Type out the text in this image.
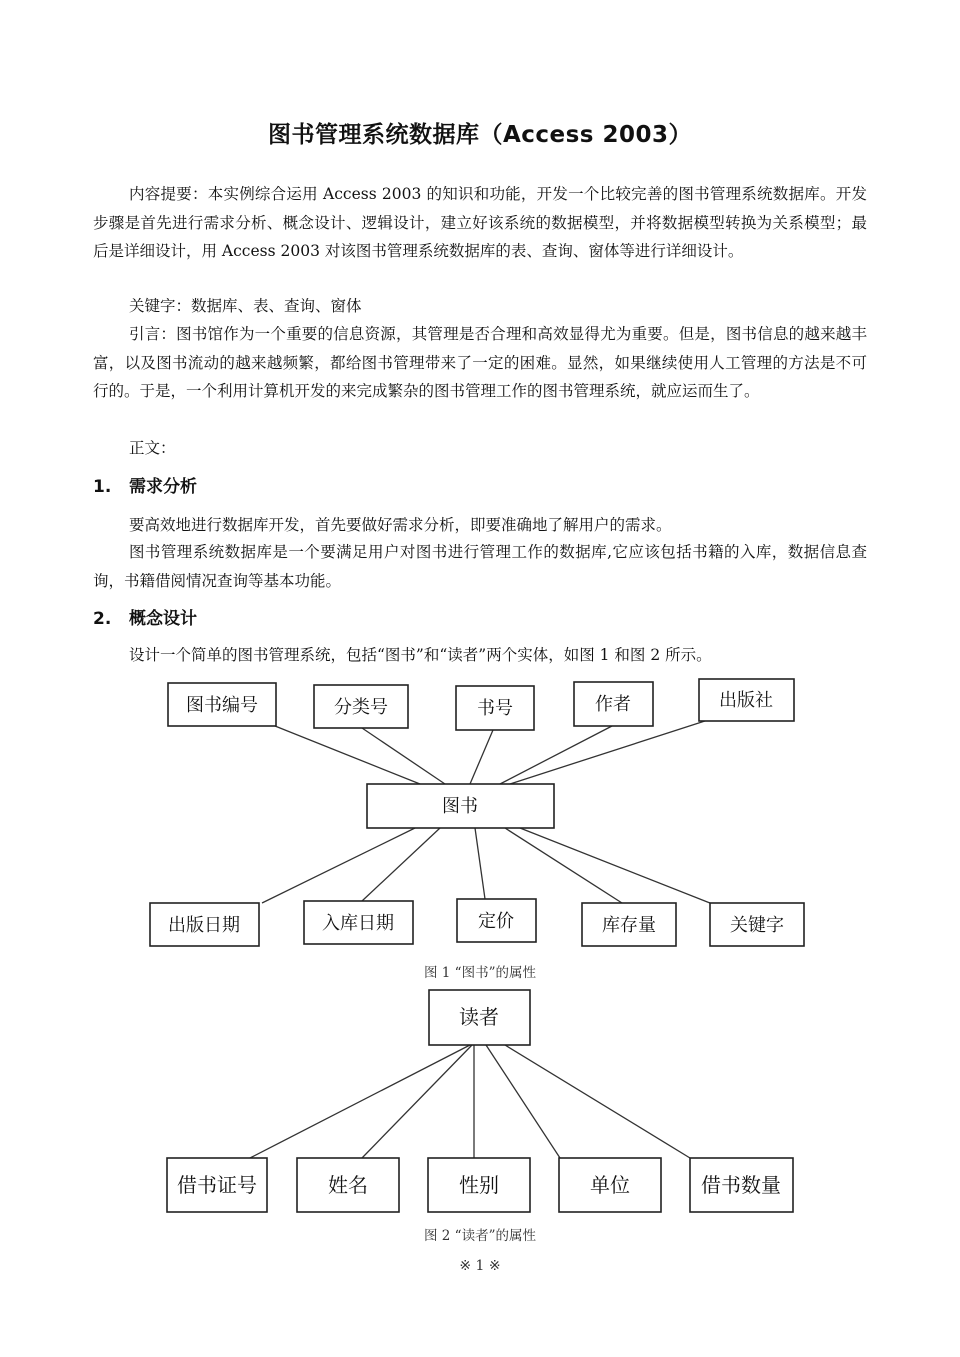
图书管理系统数据库（Access 2003）

内容提要：本实例综合运用 Access 2003 的知识和功能，开发一个比较完善的图书管理系统数据库。开发步骤是首先进行需求分析、概念设计、逻辑设计，建立好该系统的数据模型，并将数据模型转换为关系模型；最后是详细设计，用 Access 2003 对该图书管理系统数据库的表、查询、窗体等进行详细设计。

关键字：数据库、表、查询、窗体

引言：图书馆作为一个重要的信息资源，其管理是否合理和高效显得尤为重要。但是，图书信息的越来越丰富，以及图书流动的越来越频繁，都给图书管理带来了一定的困难。显然，如果继续使用人工管理的方法是不可行的。于是，一个利用计算机开发的来完成繁杂的图书管理工作的图书管理系统，就应运而生了。

正文：

1. 需求分析

要高效地进行数据库开发，首先要做好需求分析，即要准确地了解用户的需求。

图书管理系统数据库是一个要满足用户对图书进行管理工作的数据库,它应该包括书籍的入库，数据信息查询，书籍借阅情况查询等基本功能。

2. 概念设计

设计一个简单的图书管理系统，包括“图书”和“读者”两个实体，如图 1 和图 2 所示。

图书
图书编号	分类号	书号	作者	出版社
出版日期	入库日期	定价	库存量	关键字
图 1 “图书”的属性
读者
借书证号	姓名	性别	单位	借书数量
图 2 “读者”的属性
※ 1 ※
